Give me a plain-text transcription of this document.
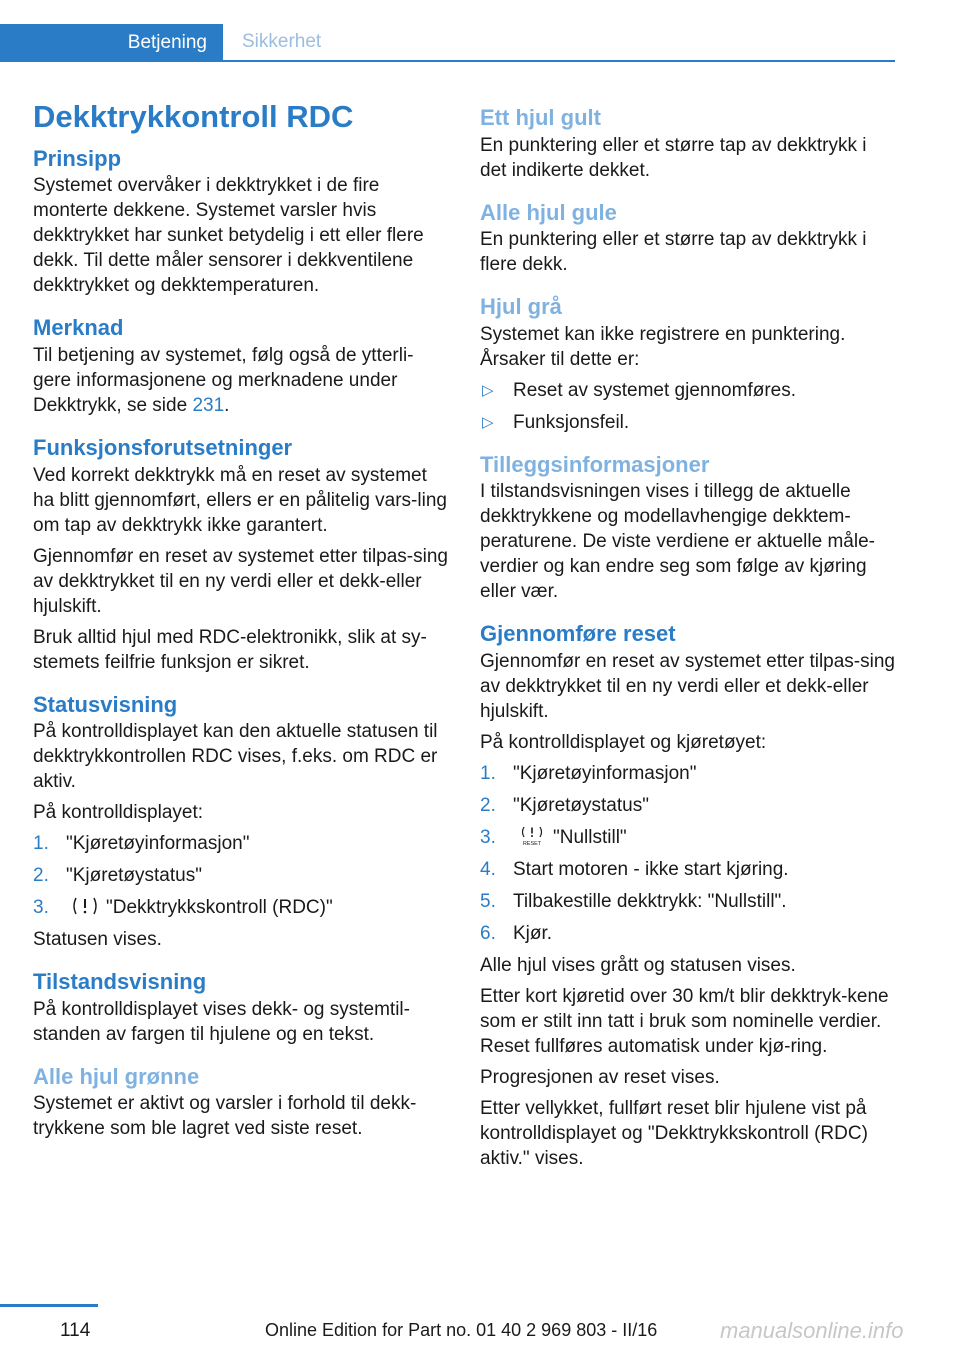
Betjening	Sikkerhet
Dekktrykkontroll RDC
Prinsipp

Systemet overvåker i dekktrykket i de fire monterte dekkene. Systemet varsler hvis dekktrykket har sunket betydelig i ett eller flere dekk. Til dette måler sensorer i dekkventilene dekktrykket og dekktemperaturen.

Merknad

Til betjening av systemet, følg også de ytterli-gere informasjonene og merknadene under Dekktrykk, se side 231.

Funksjonsforutsetninger

Ved korrekt dekktrykk må en reset av systemet ha blitt gjennomført, ellers er en pålitelig vars-ling om tap av dekktrykk ikke garantert.

Gjennomfør en reset av systemet etter tilpas-sing av dekktrykket til en ny verdi eller et dekk-eller hjulskift.

Bruk alltid hjul med RDC-elektronikk, slik at sy-stemets feilfrie funksjon er sikret.

Statusvisning

På kontrolldisplayet kan den aktuelle statusen til dekktrykkontrollen RDC vises, f.eks. om RDC er aktiv.

På kontrolldisplayet:

1. "Kjøretøyinformasjon"
2. "Kjøretøystatus"
3.	"Dekktrykkskontroll (RDC)"

Statusen vises.

Tilstandsvisning

På kontrolldisplayet vises dekk- og systemtil-standen av fargen til hjulene og en tekst.

Alle hjul grønne

Systemet er aktivt og varsler i forhold til dekk-trykkene som ble lagret ved siste reset.

Ett hjul gult

En punktering eller et større tap av dekktrykk i det indikerte dekket.

Alle hjul gule

En punktering eller et større tap av dekktrykk i flere dekk.

Hjul grå

Systemet kan ikke registrere en punktering. Årsaker til dette er:

▷ Reset av systemet gjennomføres.
▷ Funksjonsfeil.
Tilleggsinformasjoner

I tilstandsvisningen vises i tillegg de aktuelle dekktrykkene og modellavhengige dekktem-peraturene. De viste verdiene er aktuelle måle-verdier og kan endre seg som følge av kjøring eller vær.

Gjennomføre reset

Gjennomfør en reset av systemet etter tilpas-sing av dekktrykket til en ny verdi eller et dekk-eller hjulskift.

På kontrolldisplayet og kjøretøyet:

1. "Kjøretøyinformasjon"
2. "Kjøretøystatus"
3.	RESET "Nullstill"
4. Start motoren - ikke start kjøring.
5. Tilbakestille dekktrykk: "Nullstill".
6. Kjør.

Alle hjul vises grått og statusen vises.

Etter kort kjøretid over 30 km/t blir dekktryk-kene som er stilt inn tatt i bruk som nominelle verdier. Reset fullføres automatisk under kjø-ring.

Progresjonen av reset vises.

Etter vellykket, fullført reset blir hjulene vist på kontrolldisplayet og "Dekktrykkskontroll (RDC) aktiv." vises.

114	Online Edition for Part no. 01 40 2 969 803 - II/16	manualsonline.info
